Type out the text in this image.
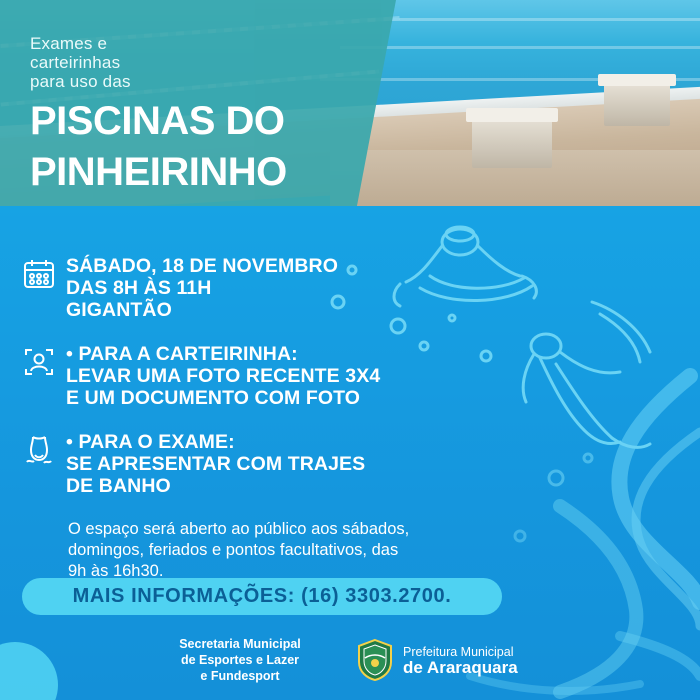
Exames e
carteirinhas
para uso das
PISCINAS DO
PINHEIRINHO
SÁBADO, 18 DE NOVEMBRO
DAS 8H ÀS 11H
GIGANTÃO
• PARA A CARTEIRINHA:
LEVAR UMA FOTO RECENTE 3X4
E UM DOCUMENTO COM FOTO
• PARA O EXAME:
SE APRESENTAR COM TRAJES
DE BANHO
O espaço será aberto ao público aos sábados, domingos, feriados e pontos facultativos, das 9h às 16h30.
MAIS INFORMAÇÕES: (16) 3303.2700.
Secretaria Municipal
de Esportes e Lazer
e Fundesport
Prefeitura Municipal
de Araraquara
